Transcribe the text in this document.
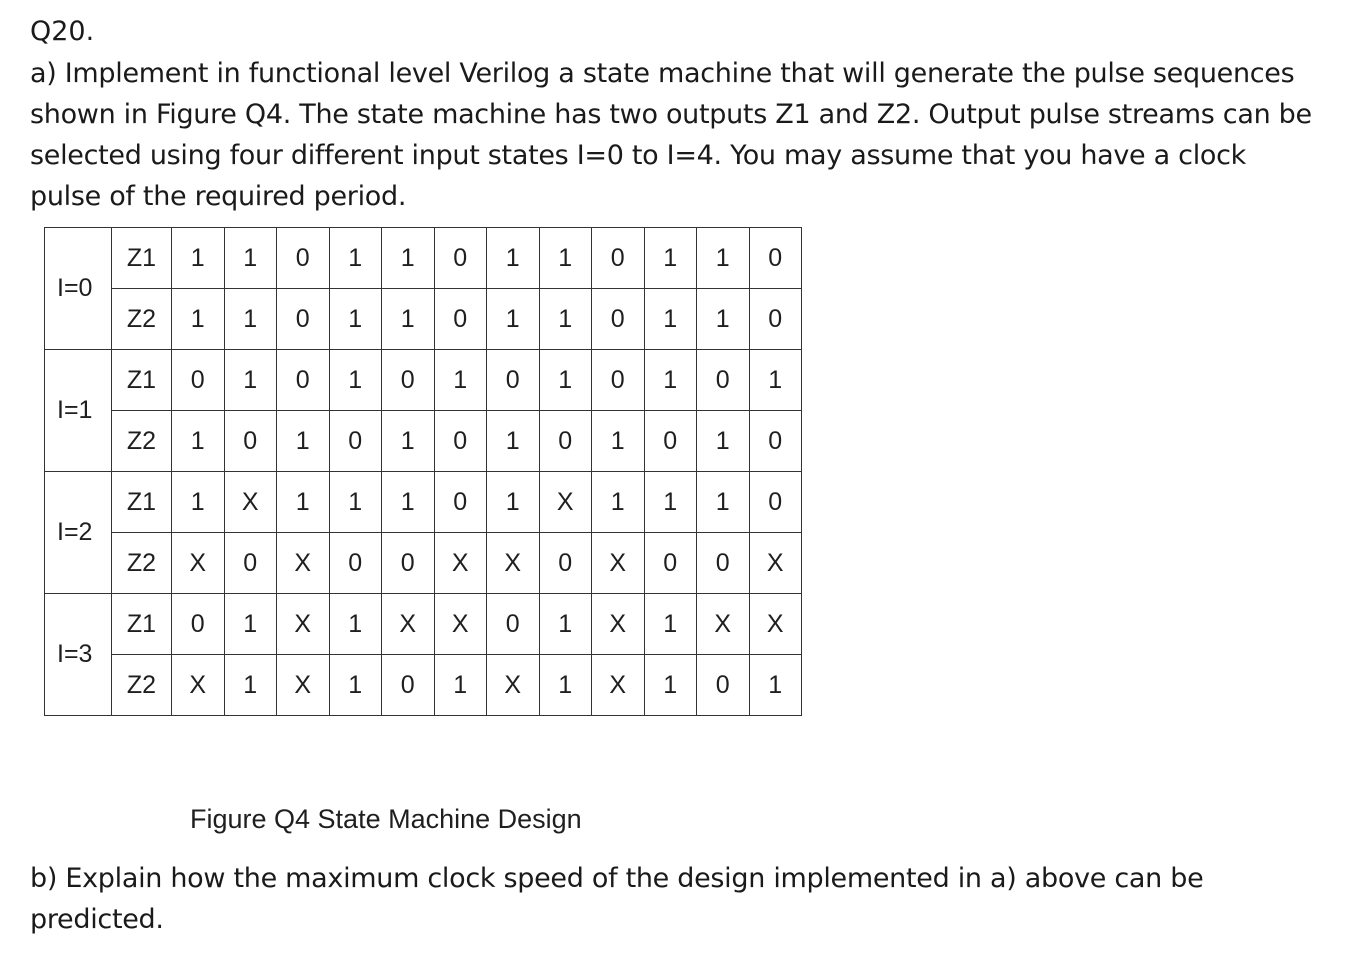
Q20.
a) Implement in functional level Verilog a state machine that will generate the pulse sequences
shown in Figure Q4. The state machine has two outputs Z1 and Z2. Output pulse streams can be
selected using four different input states I=0 to I=4. You may assume that you have a clock
pulse of the required period.
I=0	Z1	1	1	0	1	1	0	1	1	0	1	1	0
	Z2	1	1	0	1	1	0	1	1	0	1	1	0
I=1	Z1	0	1	0	1	0	1	0	1	0	1	0	1
	Z2	1	0	1	0	1	0	1	0	1	0	1	0
I=2	Z1	1	X	1	1	1	0	1	X	1	1	1	0
	Z2	X	0	X	0	0	X	X	0	X	0	0	X
I=3	Z1	0	1	X	1	X	X	0	1	X	1	X	X
	Z2	X	1	X	1	0	1	X	1	X	1	0	1
Figure Q4 State Machine Design
b) Explain how the maximum clock speed of the design implemented in a) above can be
predicted.
